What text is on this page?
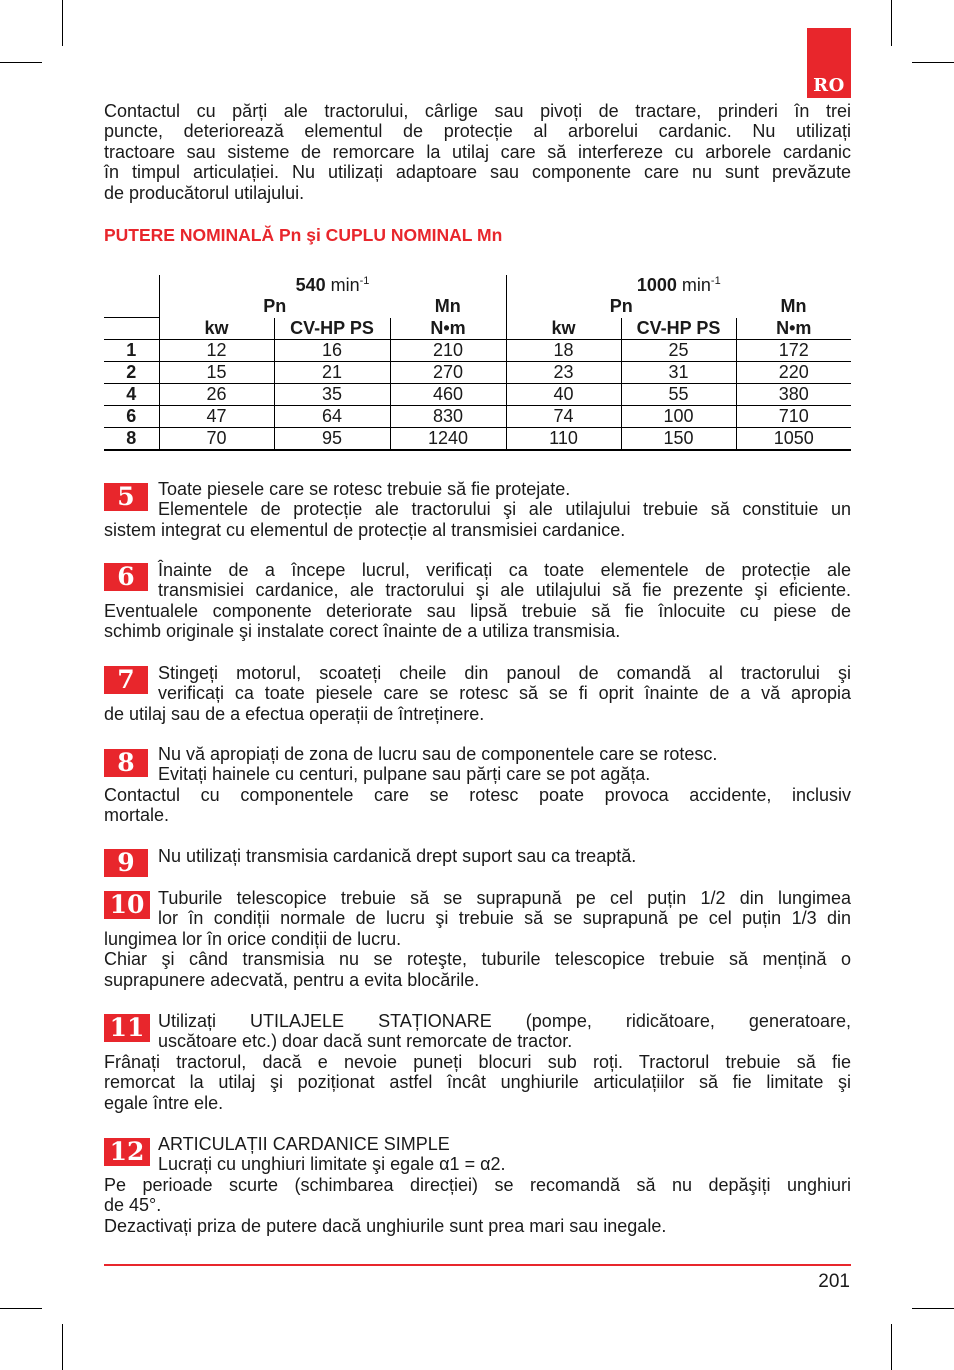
RO
Contactul cu părți ale tractorului, cârlige sau pivoți de tractare, prinderi în trei
puncte, deteriorează elementul de protecție al arborelui cardanic. Nu utilizați
tractoare sau sisteme de remorcare la utilaj care să interfereze cu arborele cardanic
în timpul articulației. Nu utilizați adaptoare sau componente care nu sunt prevăzute
de producătorul utilajului.
PUTERE NOMINALĂ Pn şi CUPLU NOMINAL Mn
	540 $\min^{-1}$			1000 $\min^{-1}$
	Pn		Mn	Pn		Mn
	kw	CV-HP PS	N•m	kw	CV-HP PS	N•m
1	12	16	210	18	25	172
2	15	21	270	23	31	220
4	26	35	460	40	55	380
6	47	64	830	74	100	710
8	70	95	1240	110	150	1050
5	Toate piesele care se rotesc trebuie să fie protejate.
Elementele de protecție ale tractorului şi ale utilajului trebuie să constituie un
sistem integrat cu elementul de protecție al transmisiei cardanice.
6	Înainte de a începe lucrul, verificați ca toate elementele de protecție ale
transmisiei cardanice, ale tractorului şi ale utilajului să fie prezente şi eficiente.
Eventualele componente deteriorate sau lipsă trebuie să fie înlocuite cu piese de
schimb originale şi instalate corect înainte de a utiliza transmisia.
7	Stingeți motorul, scoateți cheile din panoul de comandă al tractorului şi
verificați ca toate piesele care se rotesc să se fi oprit înainte de a vă apropia
de utilaj sau de a efectua operații de întreținere.
8	Nu vă apropiați de zona de lucru sau de componentele care se rotesc.
Evitați hainele cu centuri, pulpane sau părți care se pot agăța.
Contactul cu componentele care se rotesc poate provoca accidente, inclusiv
mortale.
9	Nu utilizați transmisia cardanică drept suport sau ca treaptă.
10 Tuburile telescopice trebuie să se suprapună pe cel puțin 1/2 din lungimea
lor în condiții normale de lucru şi trebuie să se suprapună pe cel puțin 1/3 din
lungimea lor în orice condiții de lucru.
Chiar şi când transmisia nu se roteşte, tuburile telescopice trebuie să mențină o
suprapunere adecvată, pentru a evita blocările.
11 Utilizați UTILAJELE STAȚIONARE (pompe, ridicătoare, generatoare,
uscătoare etc.) doar dacă sunt remorcate de tractor.
Frânați tractorul, dacă e nevoie puneți blocuri sub roți. Tractorul trebuie să fie
remorcat la utilaj şi poziționat astfel încât unghiurile articulațiilor să fie limitate şi
egale între ele.
12 ARTICULAȚII CARDANICE SIMPLE
Lucrați cu unghiuri limitate şi egale α1 = α2.
Pe perioade scurte (schimbarea direcției) se recomandă să nu depăşiți unghiuri
de 45°.
Dezactivați priza de putere dacă unghiurile sunt prea mari sau inegale.
201
